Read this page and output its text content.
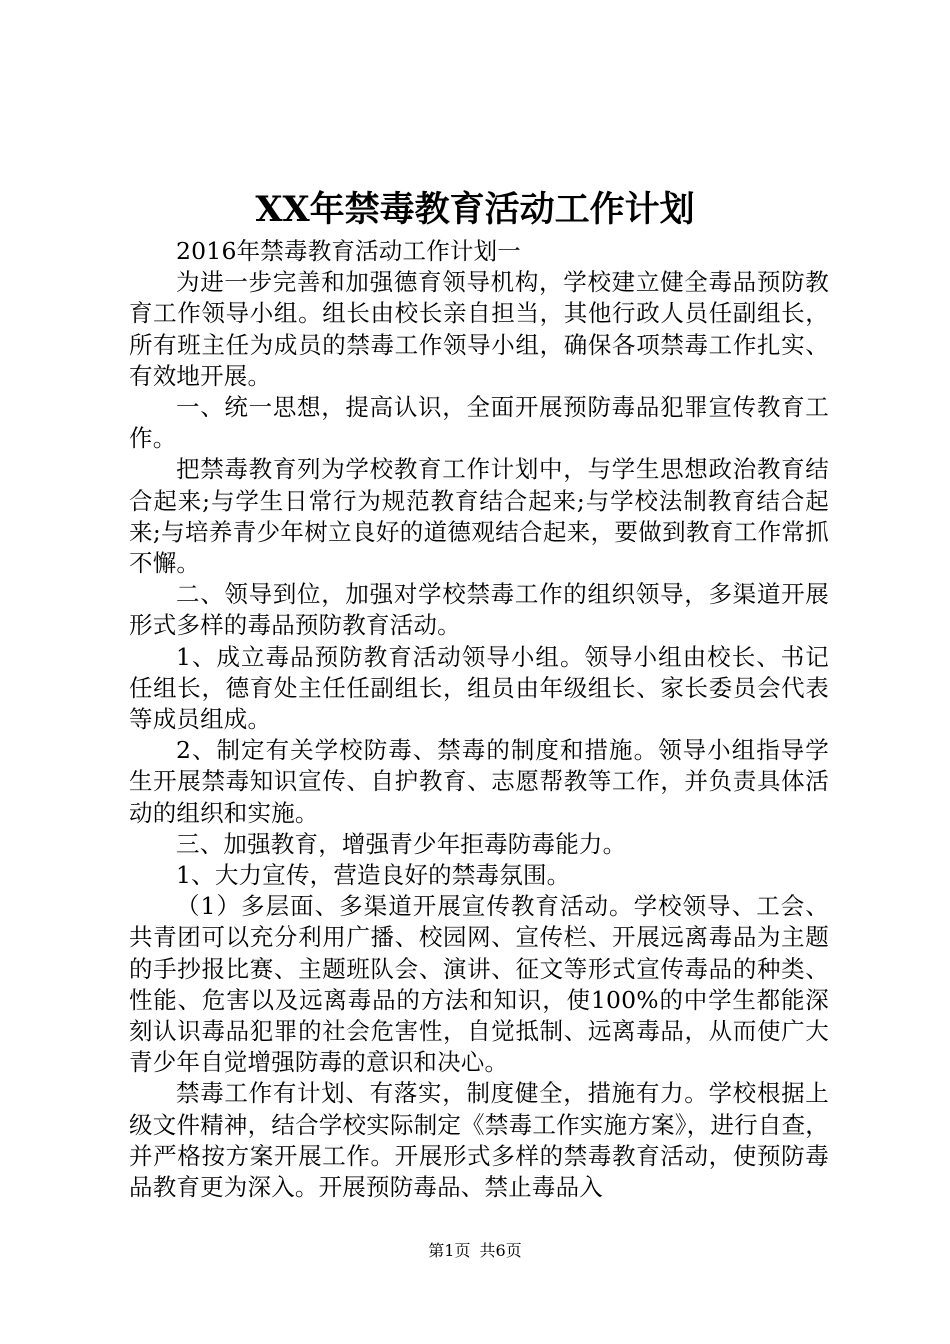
XX年禁毒教育活动工作计划

2016年禁毒教育活动工作计划一

为进一步完善和加强德育领导机构，学校建立健全毒品预防教育工作领导小组。组长由校长亲自担当，其他行政人员任副组长，所有班主任为成员的禁毒工作领导小组，确保各项禁毒工作扎实、有效地开展。

一、统一思想，提高认识，全面开展预防毒品犯罪宣传教育工作。

把禁毒教育列为学校教育工作计划中，与学生思想政治教育结合起来;与学生日常行为规范教育结合起来;与学校法制教育结合起来;与培养青少年树立良好的道德观结合起来，要做到教育工作常抓不懈。

二、领导到位，加强对学校禁毒工作的组织领导，多渠道开展形式多样的毒品预防教育活动。

1、成立毒品预防教育活动领导小组。领导小组由校长、书记任组长，德育处主任任副组长，组员由年级组长、家长委员会代表等成员组成。

2、制定有关学校防毒、禁毒的制度和措施。领导小组指导学生开展禁毒知识宣传、自护教育、志愿帮教等工作，并负责具体活动的组织和实施。

三、加强教育，增强青少年拒毒防毒能力。

1、大力宣传，营造良好的禁毒氛围。

（1）多层面、多渠道开展宣传教育活动。学校领导、工会、共青团可以充分利用广播、校园网、宣传栏、开展远离毒品为主题的手抄报比赛、主题班队会、演讲、征文等形式宣传毒品的种类、性能、危害以及远离毒品的方法和知识，使100%的中学生都能深刻认识毒品犯罪的社会危害性，自觉抵制、远离毒品，从而使广大青少年自觉增强防毒的意识和决心。

禁毒工作有计划、有落实，制度健全，措施有力。学校根据上级文件精神，结合学校实际制定《禁毒工作实施方案》，进行自查，并严格按方案开展工作。开展形式多样的禁毒教育活动，使预防毒品教育更为深入。开展预防毒品、禁止毒品入

第1页 共6页
